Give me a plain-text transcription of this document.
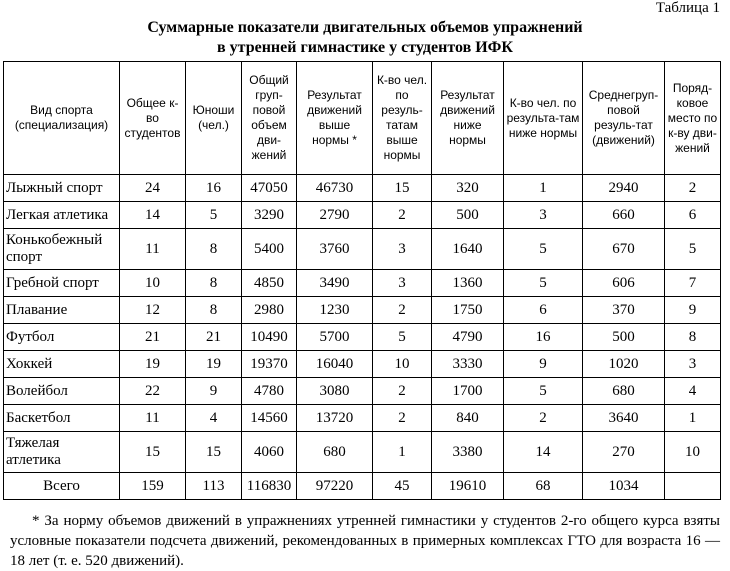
Таблица 1
Суммарные показатели двигательных объемов упражнений
в утренней гимнастике у студентов ИФК
Вид спорта (специализация)	Общее к-во студентов	Юноши (чел.)	Общий груп-повой объем дви-жений	Результат движений выше нормы *	К-во чел. по резуль-татам выше нормы	Результат движений ниже нормы	К-во чел. по результа-там ниже нормы	Среднегруп-повой резуль-тат (движений)	Поряд-ковое место по к-ву дви-жений
Лыжный спорт	24	16	47050	46730	15	320	1	2940	2
Легкая атлетика	14	5	3290	2790	2	500	3	660	6
Конькобежный спорт	11	8	5400	3760	3	1640	5	670	5
Гребной спорт	10	8	4850	3490	3	1360	5	606	7
Плавание	12	8	2980	1230	2	1750	6	370	9
Футбол	21	21	10490	5700	5	4790	16	500	8
Хоккей	19	19	19370	16040	10	3330	9	1020	3
Волейбол	22	9	4780	3080	2	1700	5	680	4
Баскетбол	11	4	14560	13720	2	840	2	3640	1
Тяжелая атлетика	15	15	4060	680	1	3380	14	270	10
Всего	159	113	116830	97220	45	19610	68	1034	
* За норму объемов движений в упражнениях утренней гимнастики у студентов 2-го общего курса взяты условные показатели подсчета движений, рекомендованных в примерных комплексах ГТО для возраста 16 — 18 лет (т. е. 520 движений).
